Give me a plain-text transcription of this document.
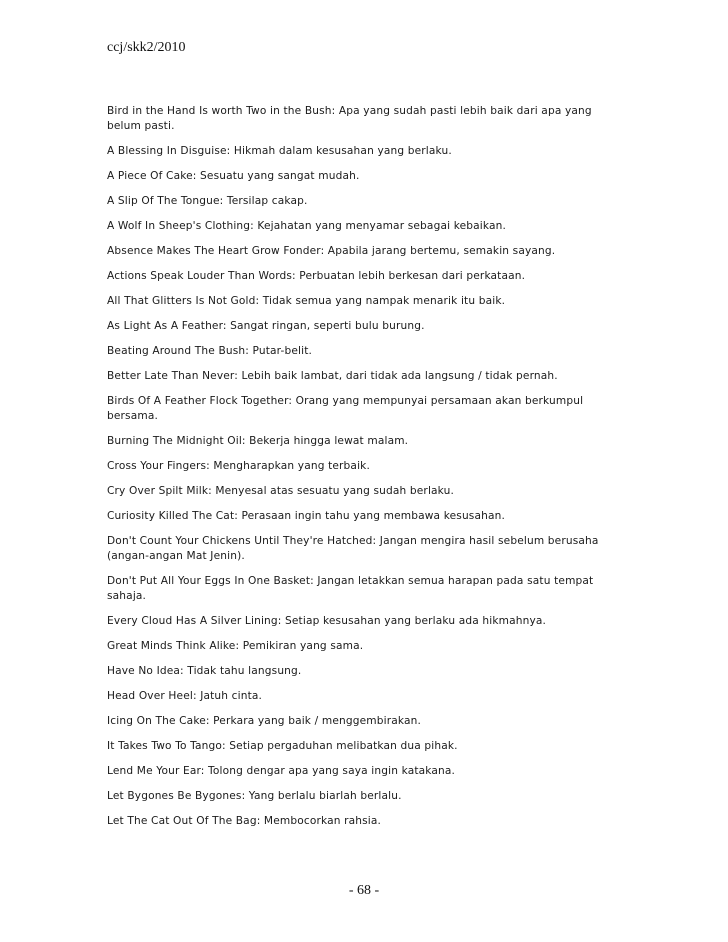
ccj/skk2/2010
Bird in the Hand Is worth Two in the Bush: Apa yang sudah pasti lebih baik dari apa yang belum pasti.
A Blessing In Disguise: Hikmah dalam kesusahan yang berlaku.
A Piece Of Cake: Sesuatu yang sangat mudah.
A Slip Of The Tongue: Tersilap cakap.
A Wolf In Sheep's Clothing: Kejahatan yang menyamar sebagai kebaikan.
Absence Makes The Heart Grow Fonder: Apabila jarang bertemu, semakin sayang.
Actions Speak Louder Than Words: Perbuatan lebih berkesan dari perkataan.
All That Glitters Is Not Gold: Tidak semua yang nampak menarik itu baik.
As Light As A Feather: Sangat ringan, seperti bulu burung.
Beating Around The Bush: Putar-belit.
Better Late Than Never: Lebih baik lambat, dari tidak ada langsung / tidak pernah.
Birds Of A Feather Flock Together: Orang yang mempunyai persamaan akan berkumpul bersama.
Burning The Midnight Oil: Bekerja hingga lewat malam.
Cross Your Fingers: Mengharapkan yang terbaik.
Cry Over Spilt Milk: Menyesal atas sesuatu yang sudah berlaku.
Curiosity Killed The Cat: Perasaan ingin tahu yang membawa kesusahan.
Don't Count Your Chickens Until They're Hatched: Jangan mengira hasil sebelum berusaha (angan-angan Mat Jenin).
Don't Put All Your Eggs In One Basket: Jangan letakkan semua harapan pada satu tempat sahaja.
Every Cloud Has A Silver Lining: Setiap kesusahan yang berlaku ada hikmahnya.
Great Minds Think Alike: Pemikiran yang sama.
Have No Idea: Tidak tahu langsung.
Head Over Heel: Jatuh cinta.
Icing On The Cake: Perkara yang baik / menggembirakan.
It Takes Two To Tango: Setiap pergaduhan melibatkan dua pihak.
Lend Me Your Ear: Tolong dengar apa yang saya ingin katakana.
Let Bygones Be Bygones: Yang berlalu biarlah berlalu.
Let The Cat Out Of The Bag: Membocorkan rahsia.
- 68 -
